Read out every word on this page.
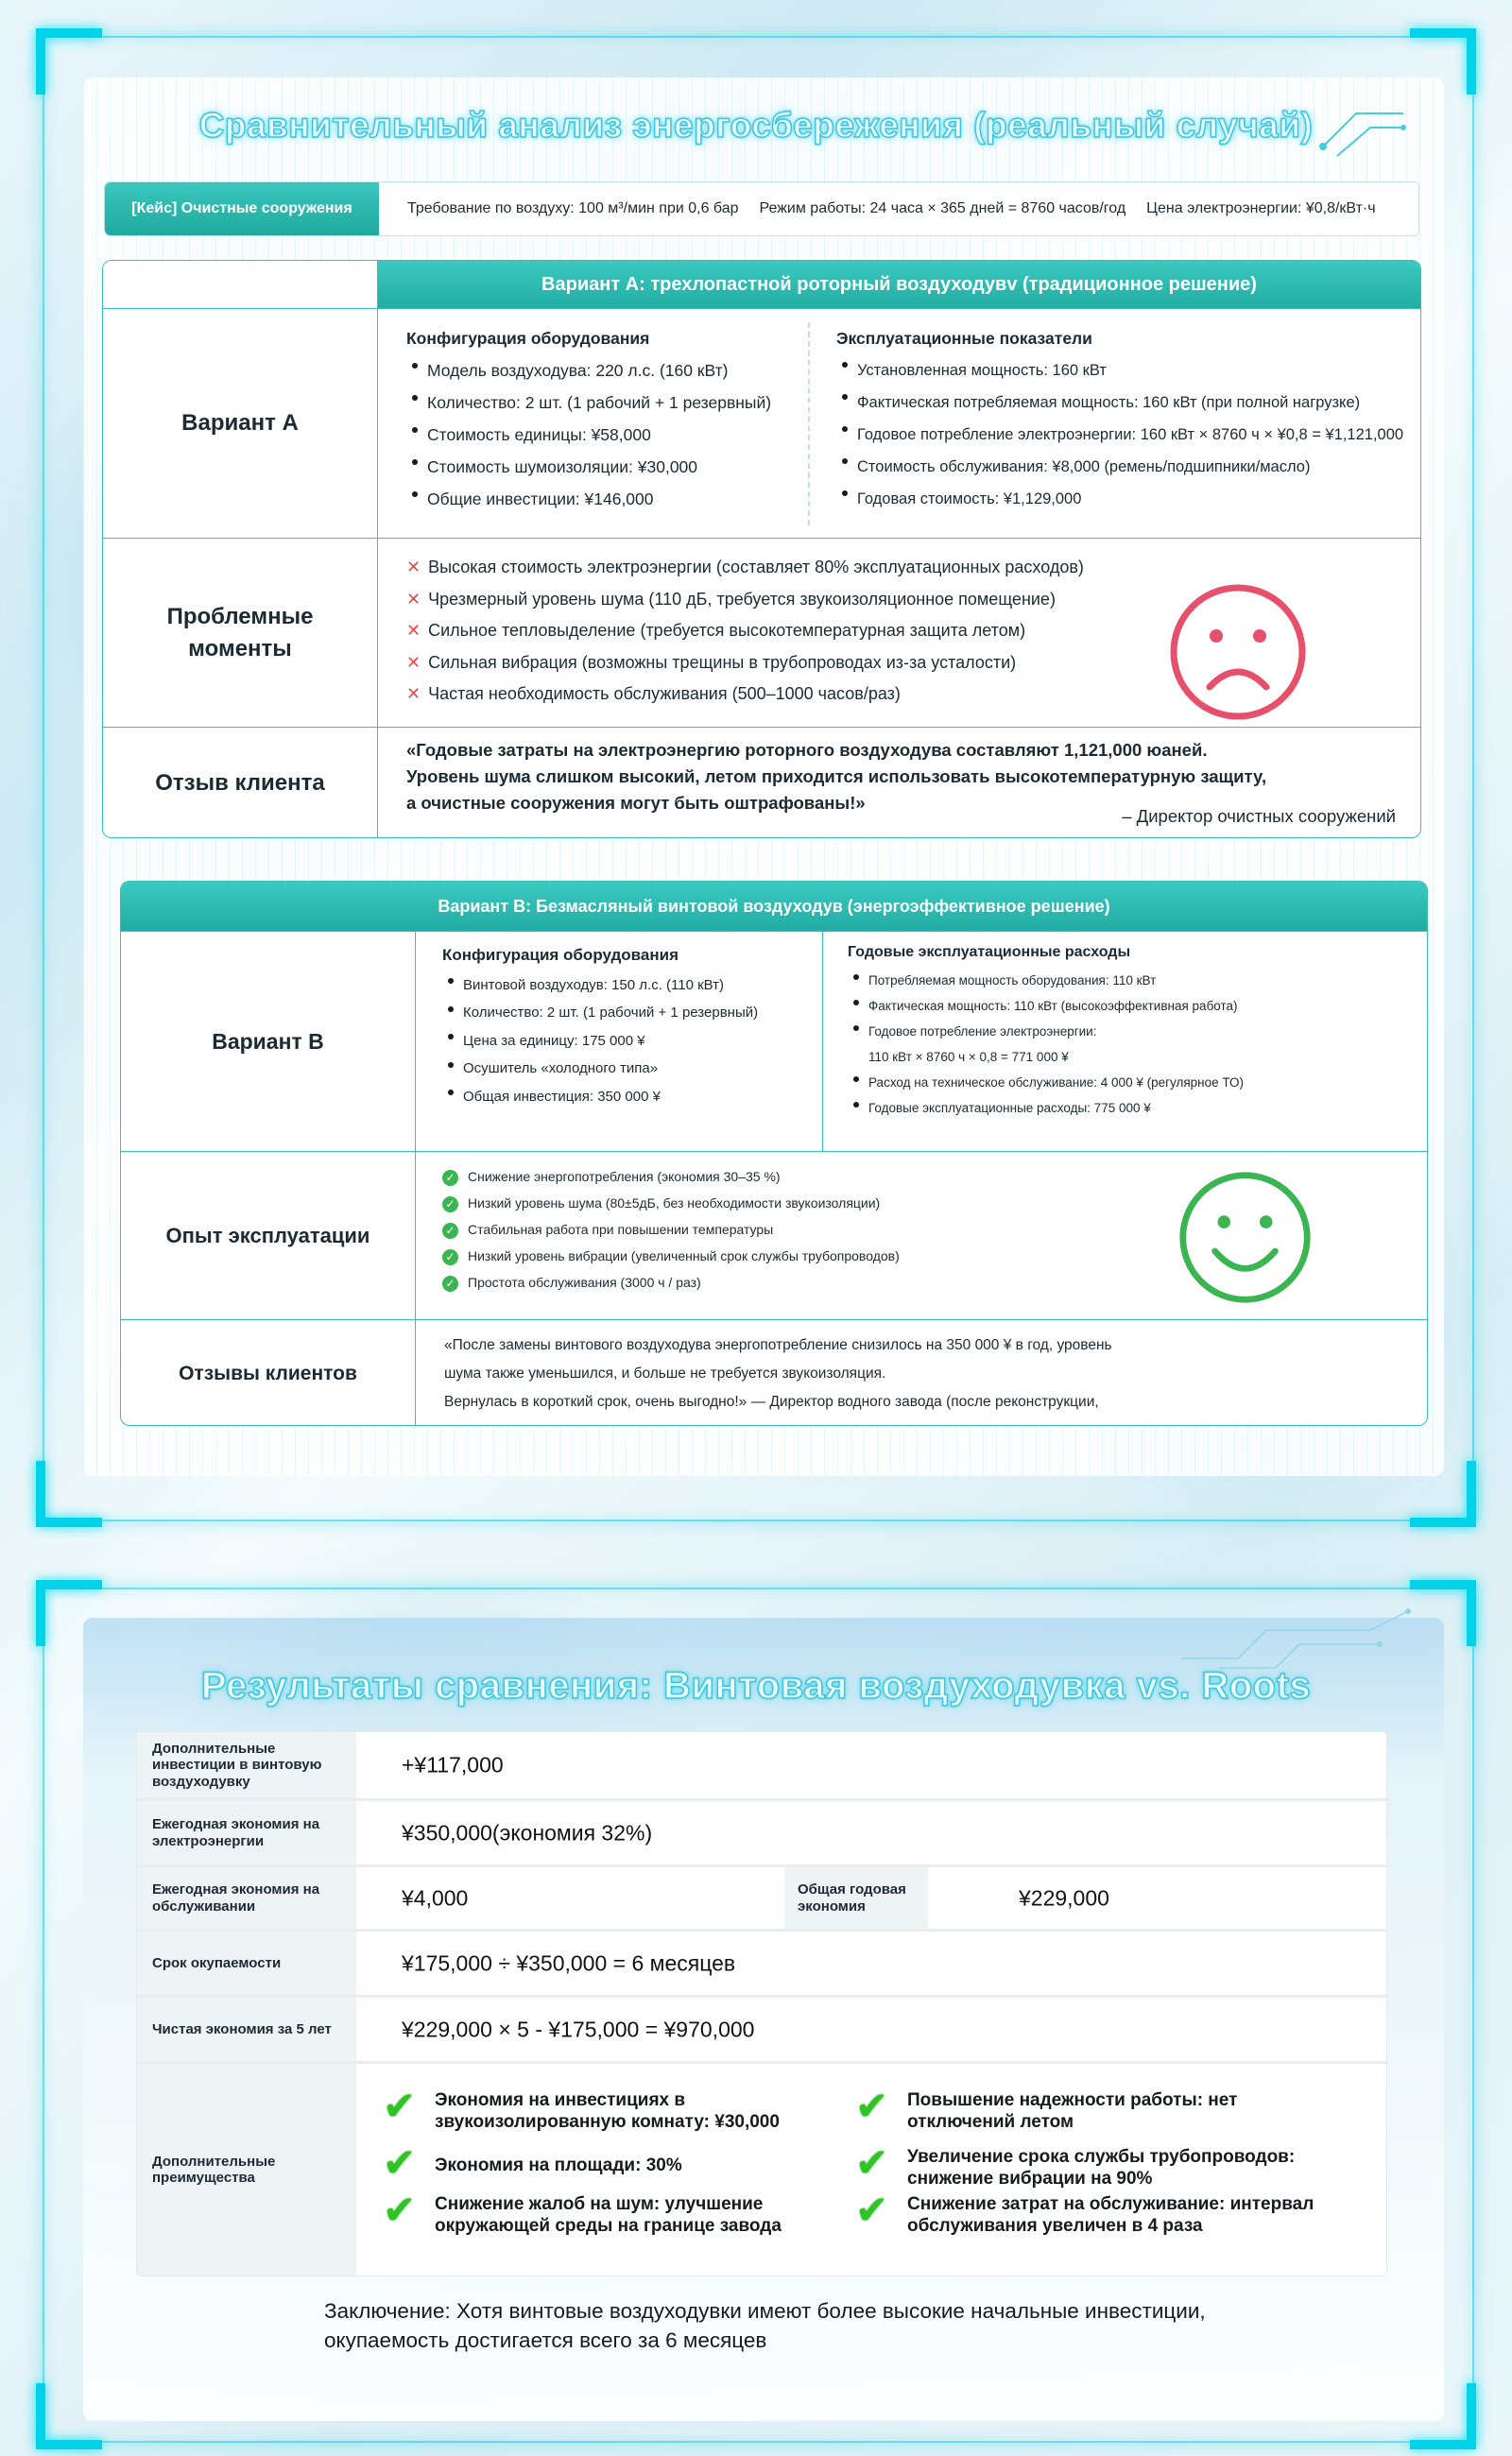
Сравнительный анализ энергосбережения (реальный случай)
[Кейс] Очистные сооружения	Требование по воздуху: 100 м³/мин при 0,6 бар Режим работы: 24 часа × 365 дней = 8760 часов/год Цена электроэнергии: ¥0,8/кВт·ч
Вариант А: трехлопастной роторный воздуходувv (традиционное решение)
Вариант А
Конфигурация оборудования
Модель воздуходува: 220 л.с. (160 кВт)
Количество: 2 шт. (1 рабочий + 1 резервный)
Стоимость единицы: ¥58,000
Стоимость шумоизоляции: ¥30,000
Общие инвестиции: ¥146,000
Эксплуатационные показатели
Установленная мощность: 160 кВт
Фактическая потребляемая мощность: 160 кВт (при полной нагрузке)
Годовое потребление электроэнергии: 160 кВт × 8760 ч × ¥0,8 = ¥1,121,000
Стоимость обслуживания: ¥8,000 (ремень/подшипники/масло)
Годовая стоимость: ¥1,129,000
Проблемные моменты
✕ Высокая стоимость электроэнергии (составляет 80% эксплуатационных расходов)
✕ Чрезмерный уровень шума (110 дБ, требуется звукоизоляционное помещение)
✕ Сильное тепловыделение (требуется высокотемпературная защита летом)
✕ Сильная вибрация (возможны трещины в трубопроводах из-за усталости)
✕ Частая необходимость обслуживания (500–1000 часов/раз)
Отзыв клиента
«Годовые затраты на электроэнергию роторного воздуходува составляют 1,121,000 юаней.
Уровень шума слишком высокий, летом приходится использовать высокотемпературную защиту,
а очистные сооружения могут быть оштрафованы!»
– Директор очистных сооружений
Вариант B: Безмасляный винтовой воздуходув (энергоэффективное решение)
Вариант В
Конфигурация оборудования
Винтовой воздуходув: 150 л.с. (110 кВт)
Количество: 2 шт. (1 рабочий + 1 резервный)
Цена за единицу: 175 000 ¥
Осушитель «холодного типа»
Общая инвестиция: 350 000 ¥
Годовые эксплуатационные расходы
Потребляемая мощность оборудования: 110 кВт
Фактическая мощность: 110 кВт (высокоэффективная работа)
Годовое потребление электроэнергии:
110 кВт × 8760 ч × 0,8 = 771 000 ¥
Расход на техническое обслуживание: 4 000 ¥ (регулярное ТО)
Годовые эксплуатационные расходы: 775 000 ¥
Опыт эксплуатации
✓ Снижение энергопотребления (экономия 30–35 %)
✓ Низкий уровень шума (80±5дБ, без необходимости звукоизоляции)
✓ Стабильная работа при повышении температуры
✓ Низкий уровень вибрации (увеличенный срок службы трубопроводов)
✓ Простота обслуживания (3000 ч / раз)
Отзывы клиентов
«После замены винтового воздуходува энергопотребление снизилось на 350 000 ¥ в год, уровень
шума также уменьшился, и больше не требуется звукоизоляция.
Вернулась в короткий срок, очень выгодно!» — Директор водного завода (после реконструкции,
Результаты сравнения: Винтовая воздуходувка vs. Roots
Дополнительные инвестиции в винтовую воздуходувку
+¥117,000
Ежегодная экономия на электроэнергии	¥350,000(экономия 32%)
Ежегодная экономия на обслуживании	¥4,000	Общая годовая экономия	¥229,000
Срок окупаемости	¥175,000 ÷ ¥350,000 = 6 месяцев
Чистая экономия за 5 лет	¥229,000 × 5 - ¥175,000 = ¥970,000
Дополнительные преимущества
✔ Экономия на инвестициях в звукоизолированную комнату: ¥30,000
✔ Экономия на площади: 30%
✔ Снижение жалоб на шум: улучшение окружающей среды на границе завода
✔ Повышение надежности работы: нет отключений летом
✔ Увеличение срока службы трубопроводов: снижение вибрации на 90%
✔ Снижение затрат на обслуживание: интервал обслуживания увеличен в 4 раза
Заключение: Хотя винтовые воздуходувки имеют более высокие начальные инвестиции,
окупаемость достигается всего за 6 месяцев
